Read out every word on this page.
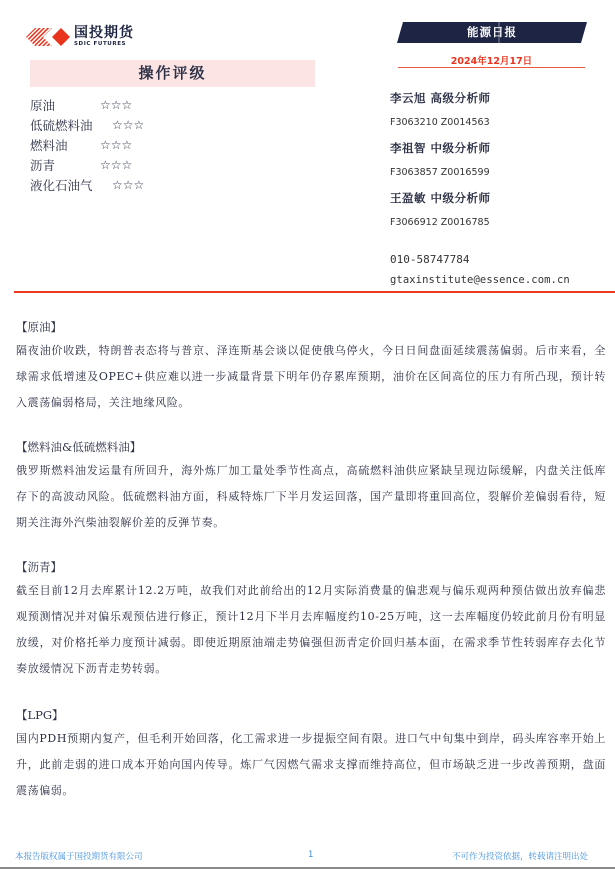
国投期货
SDIC FUTURES
操作评级
原油	☆☆☆
低硫燃料油	☆☆☆
燃料油	☆☆☆
沥青	☆☆☆
液化石油气	☆☆☆
能源日报
2024年12月17日
李云旭 高级分析师
F3063210 Z0014563
李祖智 中级分析师
F3063857 Z0016599
王盈敏 中级分析师
F3066912 Z0016785
010-58747784
gtaxinstitute@essence.com.cn
【原油】
隔夜油价收跌，特朗普表态将与普京、泽连斯基会谈以促使俄乌停火，今日日间盘面延续震荡偏弱。后市来看，全球需求低增速及OPEC+供应难以进一步减量背景下明年仍存累库预期，油价在区间高位的压力有所凸现，预计转入震荡偏弱格局，关注地缘风险。
【燃料油&低硫燃料油】
俄罗斯燃料油发运量有所回升，海外炼厂加工量处季节性高点，高硫燃料油供应紧缺呈现边际缓解，内盘关注低库存下的高波动风险。低硫燃料油方面，科威特炼厂下半月发运回落，国产量即将重回高位，裂解价差偏弱看待，短期关注海外汽柴油裂解价差的反弹节奏。
【沥青】
截至目前12月去库累计12.2万吨，故我们对此前给出的12月实际消费量的偏悲观与偏乐观两种预估做出放弃偏悲观预测情况并对偏乐观预估进行修正，预计12月下半月去库幅度约10-25万吨，这一去库幅度仍较此前月份有明显放缓，对价格托举力度预计减弱。即使近期原油端走势偏强但沥青定价回归基本面，在需求季节性转弱库存去化节奏放缓情况下沥青走势转弱。
【LPG】
国内PDH预期内复产，但毛利开始回落，化工需求进一步提振空间有限。进口气中旬集中到岸，码头库容率开始上升，此前走弱的进口成本开始向国内传导。炼厂气因燃气需求支撑而维持高位，但市场缺乏进一步改善预期，盘面震荡偏弱。
本报告版权属于国投期货有限公司	1	不可作为投资依据，转载请注明出处
